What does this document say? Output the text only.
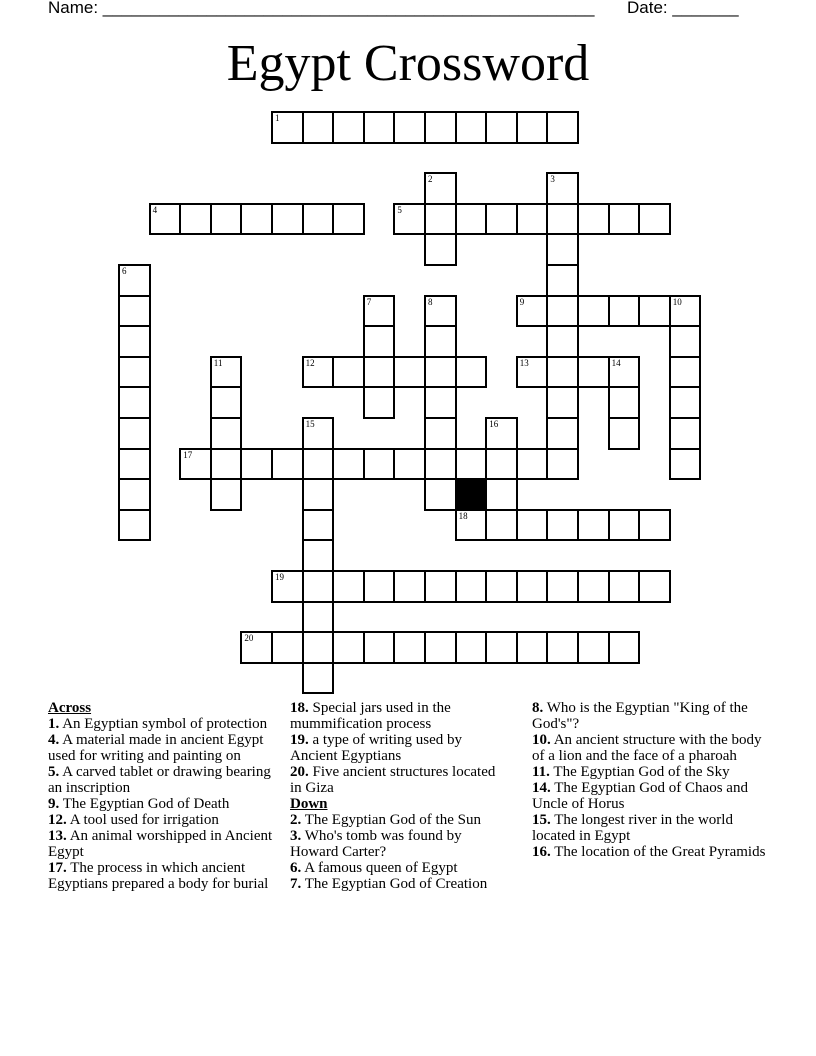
Name: ____________________________________________________ Date: _______
Egypt Crossword
1
2	3
4	5
6
7	8	9	10
11	12	13	14
15	16
17
18
19
20
Across
1. An Egyptian symbol of protection
4. A material made in ancient Egypt used for writing and painting on
5. A carved tablet or drawing bearing an inscription
9. The Egyptian God of Death
12. A tool used for irrigation
13. An animal worshipped in Ancient Egypt
17. The process in which ancient Egyptians prepared a body for burial
18. Special jars used in the mummification process
19. a type of writing used by Ancient Egyptians
20. Five ancient structures located in Giza
Down
2. The Egyptian God of the Sun
3. Who's tomb was found by Howard Carter?
6. A famous queen of Egypt
7. The Egyptian God of Creation
8. Who is the Egyptian "King of the God's"?
10. An ancient structure with the body of a lion and the face of a pharoah
11. The Egyptian God of the Sky
14. The Egyptian God of Chaos and Uncle of Horus
15. The longest river in the world located in Egypt
16. The location of the Great Pyramids
